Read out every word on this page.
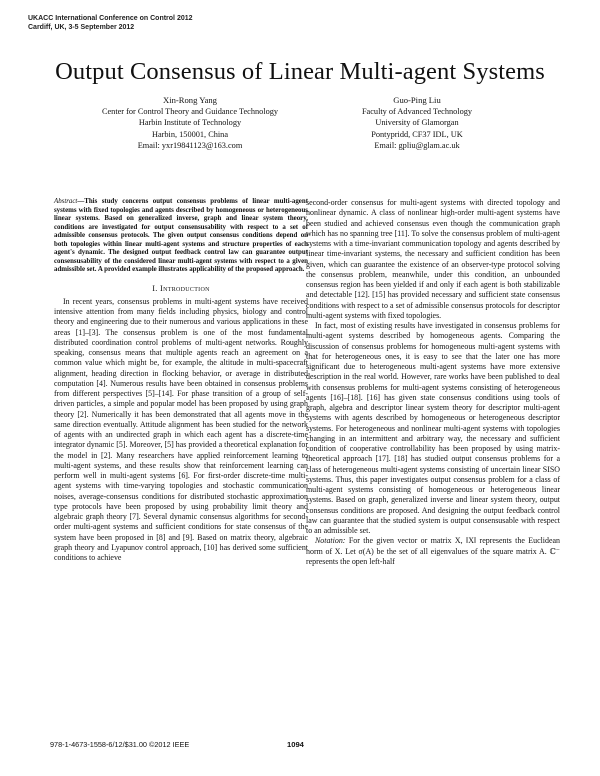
UKACC International Conference on Control 2012
Cardiff, UK, 3-5 September 2012
Output Consensus of Linear Multi-agent Systems
Xin-Rong Yang
Center for Control Theory and Guidance Technology
Harbin Institute of Technology
Harbin, 150001, China
Email: yxr19841123@163.com
Guo-Ping Liu
Faculty of Advanced Technology
University of Glamorgan
Pontypridd, CF37 IDL, UK
Email: gpliu@glam.ac.uk

Abstract—This study concerns output consensus problems of linear multi-agent systems with fixed topologies and agents described by homogeneous or heterogeneous linear systems. Based on generalized inverse, graph and linear system theory, conditions are investigated for output consensusability with respect to a set of admissible consensus protocols. The given output consensus conditions depend on both topologies within linear multi-agent systems and structure properties of each agent's dynamic. The designed output feedback control law can guarantee output consensusability of the considered linear multi-agent systems with respect to a given admissible set. A provided example illustrates applicability of the proposed approach.

I. Introduction

In recent years, consensus problems in multi-agent systems have received intensive attention from many fields including physics, biology and control theory and engineering due to their numerous and various applications in these areas [1]–[3]. The consensus problem is one of the most fundamental distributed coordination control problems of multi-agent networks. Roughly speaking, consensus means that multiple agents reach an agreement on a common value which might be, for example, the altitude in multi-spacecraft alignment, heading direction in flocking behavior, or average in distributed computation [4]. Numerous results have been obtained in consensus problems from different perspectives [5]–[14]. For phase transition of a group of self-driven particles, a simple and popular model has been proposed by using graph theory [2]. Numerically it has been demonstrated that all agents move in the same direction eventually. Attitude alignment has been studied for the network of agents with an undirected graph in which each agent has a discrete-time integrator dynamic [5]. Moreover, [5] has provided a theoretical explanation for the model in [2]. Many researchers have applied reinforcement learning to multi-agent systems, and these results show that reinforcement learning can perform well in multi-agent systems [6]. For first-order discrete-time multi-agent systems with time-varying topologies and stochastic communication noises, average-consensus conditions for distributed stochastic approximation type protocols have been proposed by using probability limit theory and algebraic graph theory [7]. Several dynamic consensus algorithms for second-order multi-agent systems and sufficient conditions for state consensus of the system have been proposed in [8] and [9]. Based on matrix theory, algebraic graph theory and Lyapunov control approach, [10] has derived some sufficient conditions to achieve

second-order consensus for multi-agent systems with directed topology and nonlinear dynamic. A class of nonlinear high-order multi-agent systems have been studied and achieved consensus even though the communication graph which has no spanning tree [11]. To solve the consensus problem of multi-agent systems with a time-invariant communication topology and agents described by linear time-invariant systems, the necessary and sufficient condition has been given, which can guarantee the existence of an observer-type protocol solving the consensus problem, meanwhile, under this condition, an unbounded consensus region has been yielded if and only if each agent is both stabilizable and detectable [12]. [15] has provided necessary and sufficient state consensus conditions with respect to a set of admissible consensus protocols for descriptor multi-agent systems with fixed topologies.

In fact, most of existing results have investigated in consensus problems for multi-agent systems described by homogeneous agents. Comparing the discussion of consensus problems for homogeneous multi-agent systems with that for heterogeneous ones, it is easy to see that the later one has more significant due to heterogeneous multi-agent systems have more extensive description in the real world. However, rare works have been published to deal with consensus problems for multi-agent systems consisting of heterogeneous agents [16]–[18]. [16] has given state consensus conditions using tools of graph, algebra and descriptor linear system theory for descriptor multi-agent systems with agents described by homogeneous or heterogeneous descriptor systems. For heterogeneous and nonlinear multi-agent systems with topologies changing in an intermittent and arbitrary way, the necessary and sufficient condition of cooperative controllability has been proposed by using matrix-theoretical approach [17]. [18] has studied output consensus problems for a class of heterogeneous multi-agent systems consisting of uncertain linear SISO systems. Thus, this paper investigates output consensus problem for a class of multi-agent systems consisting of homogeneous or heterogeneous linear systems. Based on graph, generalized inverse and linear system theory, output consensus conditions are proposed. And designing the output feedback control law can guarantee that the studied system is output consensusable with respect to an admissible set.

Notation: For the given vector or matrix X, ‖X‖ represents the Euclidean norm of X. Let σ(A) be the set of all eigenvalues of the square matrix A. ℂ⁻ represents the open left-half

978-1-4673-1558-6/12/$31.00 ©2012 IEEE	1094
